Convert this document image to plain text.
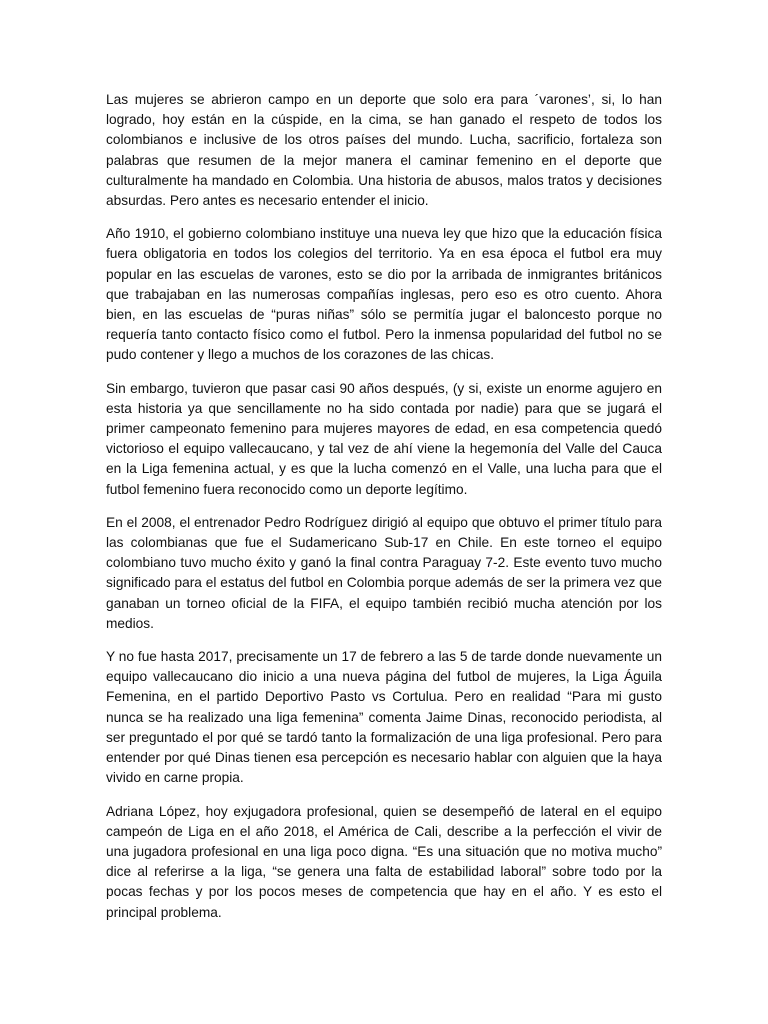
Las mujeres se abrieron campo en un deporte que solo era para ´varones’, si, lo han logrado, hoy están en la cúspide, en la cima, se han ganado el respeto de todos los colombianos e inclusive de los otros países del mundo. Lucha, sacrificio, fortaleza son palabras que resumen de la mejor manera el caminar femenino en el deporte que culturalmente ha mandado en Colombia. Una historia de abusos, malos tratos y decisiones absurdas. Pero antes es necesario entender el inicio.

Año 1910, el gobierno colombiano instituye una nueva ley que hizo que la educación física fuera obligatoria en todos los colegios del territorio. Ya en esa época el futbol era muy popular en las escuelas de varones, esto se dio por la arribada de inmigrantes británicos que trabajaban en las numerosas compañías inglesas, pero eso es otro cuento. Ahora bien, en las escuelas de “puras niñas” sólo se permitía jugar el baloncesto porque no requería tanto contacto físico como el futbol. Pero la inmensa popularidad del futbol no se pudo contener y llego a muchos de los corazones de las chicas.

Sin embargo, tuvieron que pasar casi 90 años después, (y si, existe un enorme agujero en esta historia ya que sencillamente no ha sido contada por nadie) para que se jugará el primer campeonato femenino para mujeres mayores de edad, en esa competencia quedó victorioso el equipo vallecaucano, y tal vez de ahí viene la hegemonía del Valle del Cauca en la Liga femenina actual, y es que la lucha comenzó en el Valle, una lucha para que el futbol femenino fuera reconocido como un deporte legítimo.

En el 2008, el entrenador Pedro Rodríguez dirigió al equipo que obtuvo el primer título para las colombianas que fue el Sudamericano Sub-17 en Chile. En este torneo el equipo colombiano tuvo mucho éxito y ganó la final contra Paraguay 7-2. Este evento tuvo mucho significado para el estatus del futbol en Colombia porque además de ser la primera vez que ganaban un torneo oficial de la FIFA, el equipo también recibió mucha atención por los medios.

Y no fue hasta 2017, precisamente un 17 de febrero a las 5 de tarde donde nuevamente un equipo vallecaucano dio inicio a una nueva página del futbol de mujeres, la Liga Águila Femenina, en el partido Deportivo Pasto vs Cortulua. Pero en realidad “Para mi gusto nunca se ha realizado una liga femenina” comenta Jaime Dinas, reconocido periodista, al ser preguntado el por qué se tardó tanto la formalización de una liga profesional. Pero para entender por qué Dinas tienen esa percepción es necesario hablar con alguien que la haya vivido en carne propia.

Adriana López, hoy exjugadora profesional, quien se desempeñó de lateral en el equipo campeón de Liga en el año 2018, el América de Cali, describe a la perfección el vivir de una jugadora profesional en una liga poco digna. “Es una situación que no motiva mucho” dice al referirse a la liga, “se genera una falta de estabilidad laboral” sobre todo por la pocas fechas y por los pocos meses de competencia que hay en el año. Y es esto el principal problema.
